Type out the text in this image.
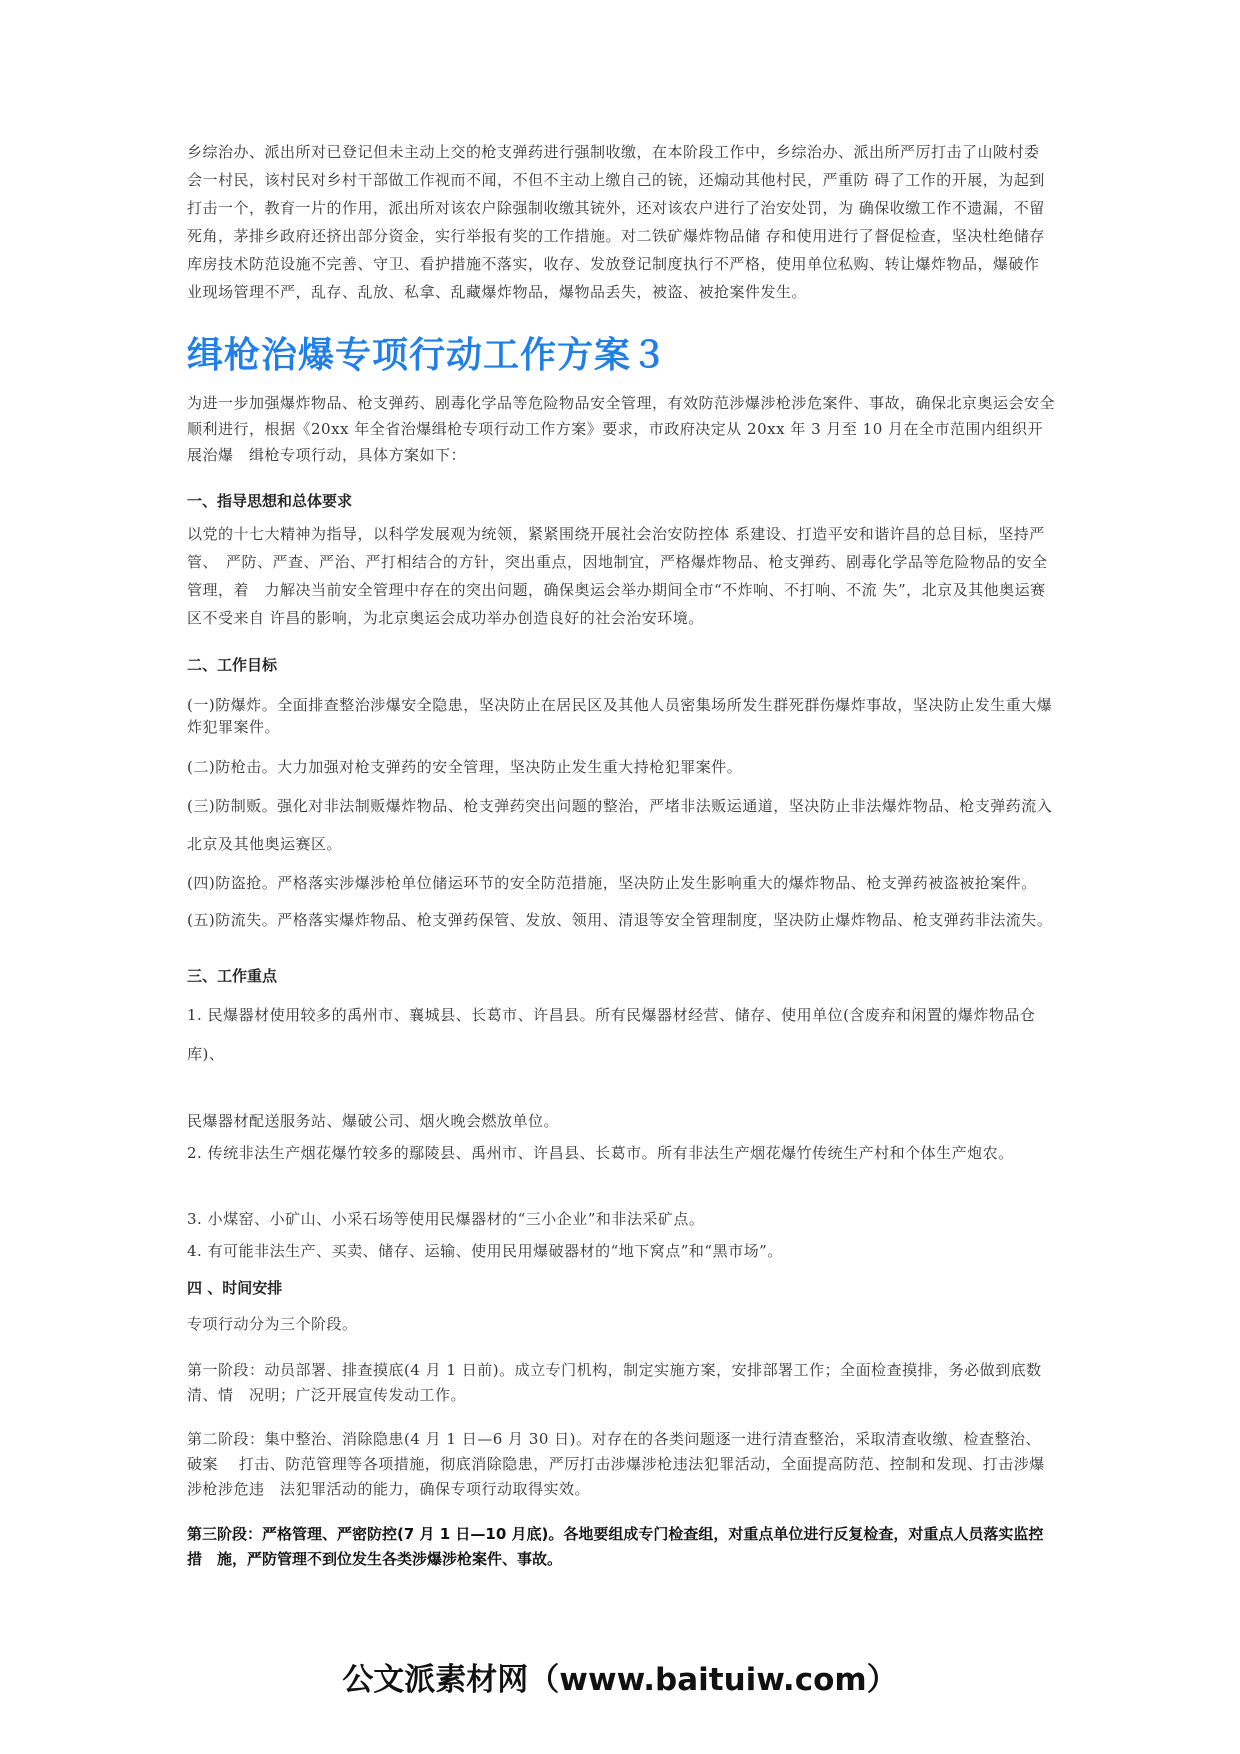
乡综治办、派出所对已登记但未主动上交的枪支弹药进行强制收缴，在本阶段工作中，乡综治办、派出所严厉打击了山陂村委 会一村民，该村民对乡村干部做工作视而不闻，不但不主动上缴自己的铳，还煽动其他村民，严重防 碍了工作的开展，为起到 打击一个，教育一片的作用，派出所对该农户除强制收缴其铳外，还对该农户进行了治安处罚，为 确保收缴工作不遗漏，不留 死角，茅排乡政府还挤出部分资金，实行举报有奖的工作措施。对二铁矿爆炸物品储 存和使用进行了督促检查，坚决杜绝储存 库房技术防范设施不完善、守卫、看护措施不落实，收存、发放登记制度执行不严格，使用单位私购、转让爆炸物品，爆破作　业现场管理不严，乱存、乱放、私拿、乱藏爆炸物品，爆物品丢失，被盗、被抢案件发生。

缉枪治爆专项行动工作方案３

为进一步加强爆炸物品、枪支弹药、剧毒化学品等危险物品安全管理，有效防范涉爆涉枪涉危案件、事故，确保北京奥运会安全顺利进行，根据《20xx 年全省治爆缉枪专项行动工作方案》要求，市政府决定从 20xx 年 3 月至 10 月在全市范围内组织开展治爆　缉枪专项行动，具体方案如下：

一、指导思想和总体要求

以党的十七大精神为指导，以科学发展观为统领，紧紧围绕开展社会治安防控体 系建设、打造平安和谐许昌的总目标，坚持严管、　严防、严查、严治、严打相结合的方针，突出重点，因地制宜，严格爆炸物品、枪支弹药、剧毒化学品等危险物品的安全管理，着　力解决当前安全管理中存在的突出问题，确保奥运会举办期间全市“不炸响、不打响、不流 失”，北京及其他奥运赛区不受来自 许昌的影响，为北京奥运会成功举办创造良好的社会治安环境。

二、工作目标

(一)防爆炸。全面排查整治涉爆安全隐患，坚决防止在居民区及其他人员密集场所发生群死群伤爆炸事故，坚决防止发生重大爆　炸犯罪案件。

(二)防枪击。大力加强对枪支弹药的安全管理，坚决防止发生重大持枪犯罪案件。

(三)防制贩。强化对非法制贩爆炸物品、枪支弹药突出问题的整治，严堵非法贩运通道，坚决防止非法爆炸物品、枪支弹药流入

北京及其他奥运赛区。

(四)防盗抢。严格落实涉爆涉枪单位储运环节的安全防范措施，坚决防止发生影响重大的爆炸物品、枪支弹药被盗被抢案件。

(五)防流失。严格落实爆炸物品、枪支弹药保管、发放、领用、清退等安全管理制度，坚决防止爆炸物品、枪支弹药非法流失。

三、工作重点

1. 民爆器材使用较多的禹州市、襄城县、长葛市、许昌县。所有民爆器材经营、储存、使用单位(含废弃和闲置的爆炸物品仓

库)、

民爆器材配送服务站、爆破公司、烟火晚会燃放单位。

2. 传统非法生产烟花爆竹较多的鄢陵县、禹州市、许昌县、长葛市。所有非法生产烟花爆竹传统生产村和个体生产炮农。

3. 小煤窑、小矿山、小采石场等使用民爆器材的“三小企业”和非法采矿点。

4. 有可能非法生产、买卖、储存、运输、使用民用爆破器材的“地下窝点”和“黑市场”。

四 、时间安排

专项行动分为三个阶段。

第一阶段：动员部署、排查摸底(4 月 1 日前)。成立专门机构，制定实施方案，安排部署工作；全面检查摸排，务必做到底数清、情　况明；广泛开展宣传发动工作。

第二阶段：集中整治、消除隐患(4 月 1 日—6 月 30 日)。对存在的各类问题逐一进行清查整治，采取清查收缴、检查整治、破案　 打击、防范管理等各项措施，彻底消除隐患，严厉打击涉爆涉枪违法犯罪活动，全面提高防范、控制和发现、打击涉爆涉枪涉危违　法犯罪活动的能力，确保专项行动取得实效。

第三阶段：严格管理、严密防控(7 月 1 日—10 月底)。各地要组成专门检查组，对重点单位进行反复检查，对重点人员落实监控措　施，严防管理不到位发生各类涉爆涉枪案件、事故。

公文派素材网（www.baituiw.com）
